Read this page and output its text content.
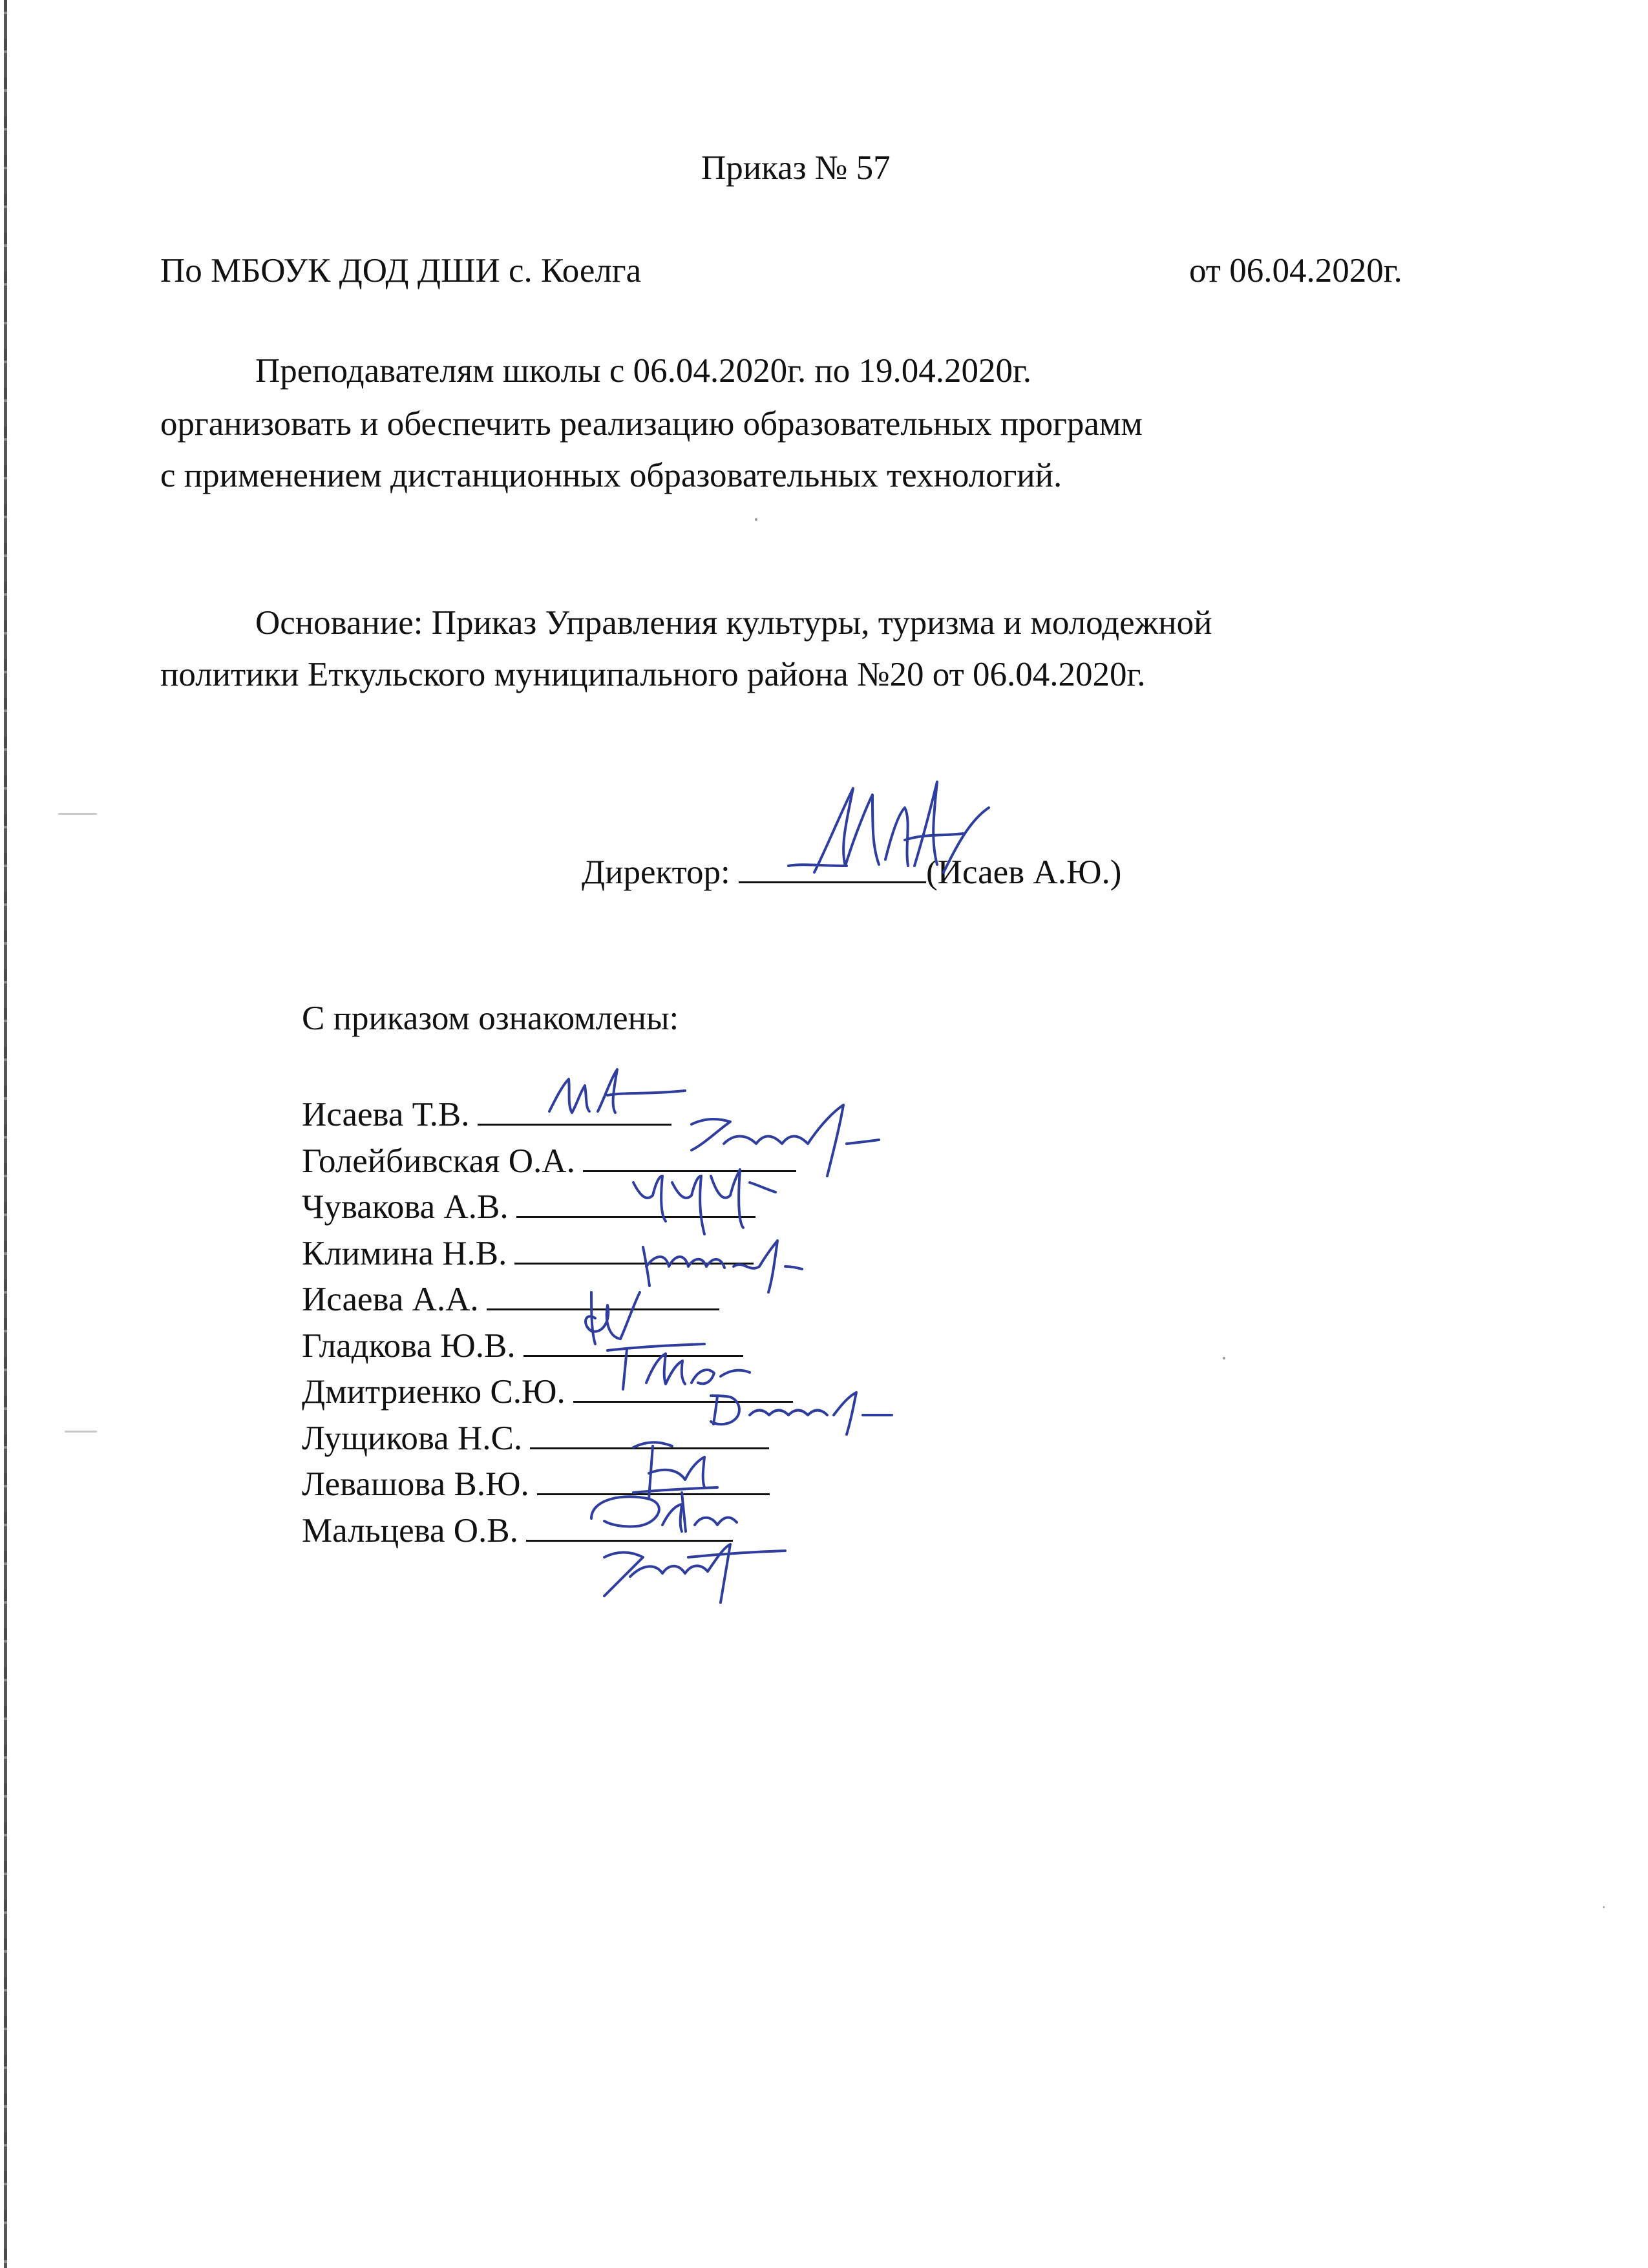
Приказ № 57
По МБОУК ДОД ДШИ с. Коелга	от 06.04.2020г.
Преподавателям школы с 06.04.2020г. по 19.04.2020г.
организовать и обеспечить реализацию образовательных программ
с применением дистанционных образовательных технологий.
Основание: Приказ Управления культуры, туризма и молодежной
политики Еткульского муниципального района №20 от 06.04.2020г.
Директор:	(Исаев А.Ю.)
С приказом ознакомлены:
Исаева Т.В.
Голейбивская О.А.
Чувакова А.В.
Климина Н.В.
Исаева А.А.
Гладкова Ю.В.
Дмитриенко С.Ю.
Лущикова Н.С.
Левашова В.Ю.
Мальцева О.В.
